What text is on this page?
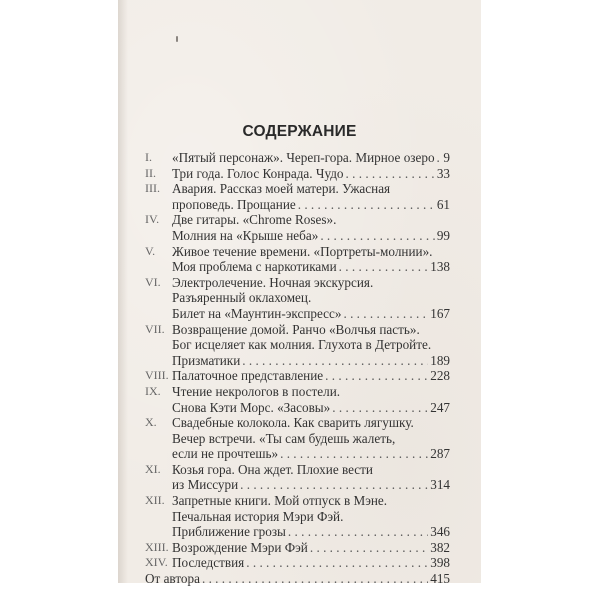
СОДЕРЖАНИЕ
I.	«Пятый персонаж». Череп-гора. Мирное озеро . . . 9
II.	Три года. Голос Конрада. Чудо . . .	33
III. Авария. Рассказ моей матери. Ужасная
проповедь. Прощание . . .	61
IV. Две гитары. «Chrome Roses».
Молния на «Крыше неба» . . .	99
V.	Живое течение времени. «Портреты-молнии».
Моя проблема с наркотиками . . .	138
VI. Электролечение. Ночная экскурсия.
Разъяренный оклахомец.
Билет на «Маунтин-экспресс» . . .	167
VII. Возвращение домой. Ранчо «Волчья пасть».
Бог исцеляет как молния. Глухота в Детройте.
Призматики . . .	189
VIII. Палаточное представление . . .	228
IX. Чтение некрологов в постели.
Снова Кэти Морс. «Засовы» . . .	247
X.	Свадебные колокола. Как сварить лягушку.
Вечер встречи. «Ты сам будешь жалеть,
если не прочтешь» . . .	287
XI. Козья гора. Она ждет. Плохие вести
из Миссури . . .	314
XII. Запретные книги. Мой отпуск в Мэне.
Печальная история Мэри Фэй.
Приближение грозы . . .	346
XIII. Возрождение Мэри Фэй . . .	382
XIV. Последствия . . .	398
От автора . . .	415
